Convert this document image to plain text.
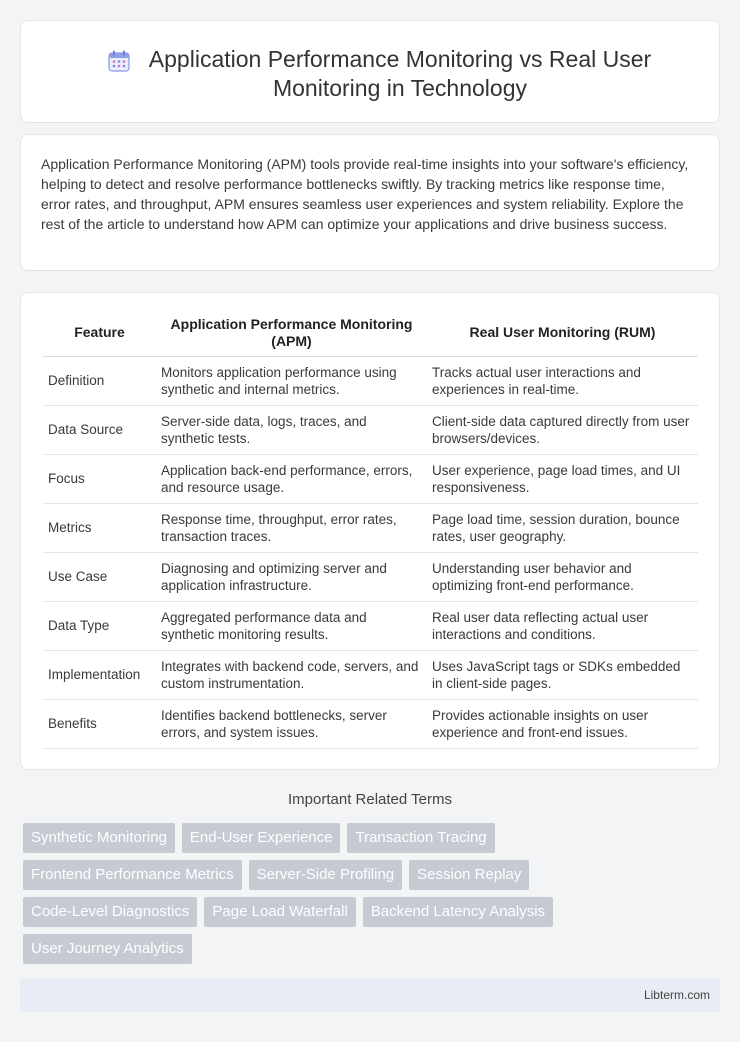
Application Performance Monitoring vs Real User Monitoring in Technology

Application Performance Monitoring (APM) tools provide real-time insights into your software's efficiency, helping to detect and resolve performance bottlenecks swiftly. By tracking metrics like response time, error rates, and throughput, APM ensures seamless user experiences and system reliability. Explore the rest of the article to understand how APM can optimize your applications and drive business success.

Feature	Application Performance Monitoring (APM)	Real User Monitoring (RUM)
Definition	Monitors application performance using synthetic and internal metrics.	Tracks actual user interactions and experiences in real-time.
Data Source	Server-side data, logs, traces, and synthetic tests.	Client-side data captured directly from user browsers/devices.
Focus	Application back-end performance, errors, and resource usage.	User experience, page load times, and UI responsiveness.
Metrics	Response time, throughput, error rates, transaction traces.	Page load time, session duration, bounce rates, user geography.
Use Case	Diagnosing and optimizing server and application infrastructure.	Understanding user behavior and optimizing front-end performance.
Data Type	Aggregated performance data and synthetic monitoring results.	Real user data reflecting actual user interactions and conditions.
Implementation	Integrates with backend code, servers, and custom instrumentation.	Uses JavaScript tags or SDKs embedded in client-side pages.
Benefits	Identifies backend bottlenecks, server errors, and system issues.	Provides actionable insights on user experience and front-end issues.
Important Related Terms
Synthetic Monitoring	End-User Experience	Transaction Tracing
Frontend Performance Metrics	Server-Side Profiling	Session Replay
Code-Level Diagnostics	Page Load Waterfall	Backend Latency Analysis
User Journey Analytics
Libterm.com
